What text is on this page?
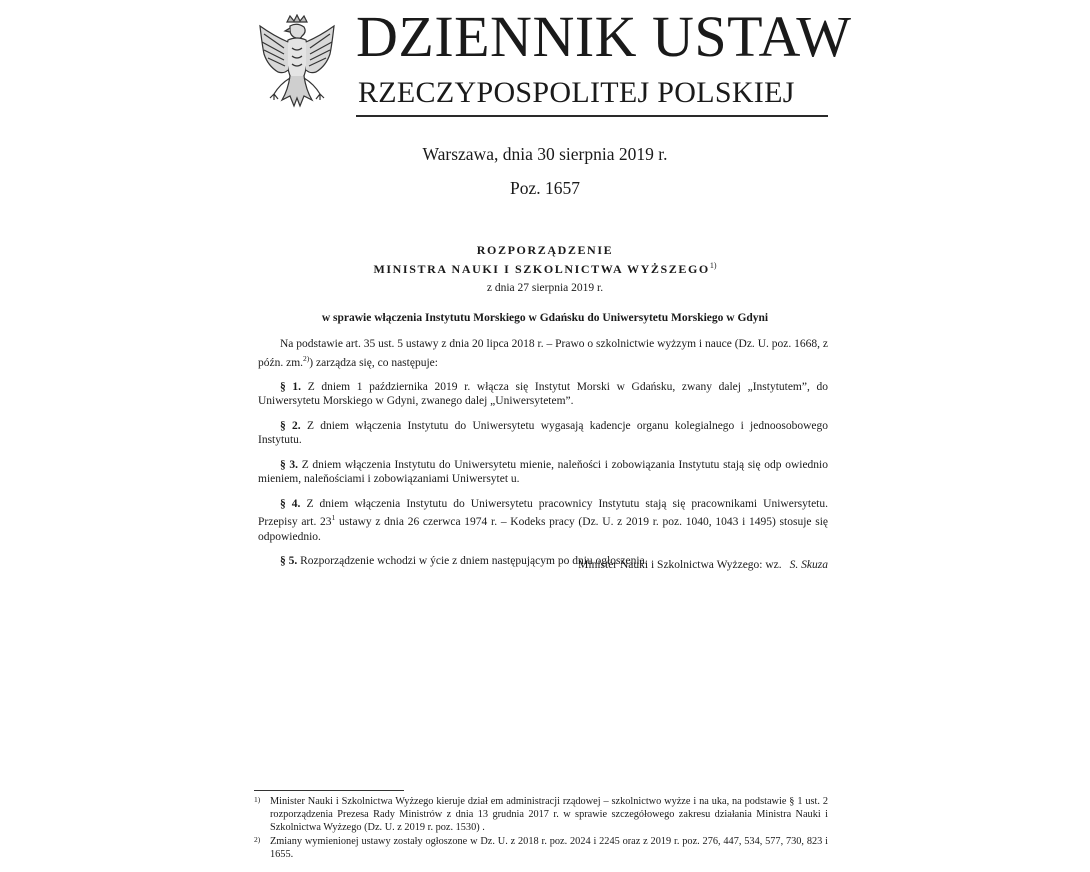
DZIENNIK USTAW
RZECZYPOSPOLITEJ POLSKIEJ
Warszawa, dnia 30 sierpnia 2019 r.
Poz. 1657
ROZPORZĄDZENIE
MINISTRA NAUKI I SZKOLNICTWA WYŻSZEGO$^{1)}$
z dnia 27 sierpnia 2019 r.
w sprawie włączenia Instytutu Morskiego w Gdańsku do Uniwersytetu Morskiego w Gdyni

Na podstawie art. 35 ust. 5 ustawy z dnia 20 lipca 2018 r. – Prawo o szkolnictwie wyżzym i nauce (Dz. U. poz. 1668, z późn. zm.$^{2)}$) zarządza się, co następuje:

§ 1. Z dniem 1 października 2019 r. włącza się Instytut Morski w Gdańsku, zwany dalej „Instytutem”, do Uniwersytetu Morskiego w Gdyni, zwanego dalej „Uniwersytetem”.

§ 2. Z dniem włączenia Instytutu do Uniwersytetu wygasają kadencje organu kolegialnego i jednoosobowego Instytutu.

§ 3. Z dniem włączenia Instytutu do Uniwersytetu mienie, naleňości i zobowiązania Instytutu stają się odp owiednio mieniem, naleňościami i zobowiązaniami Uniwersytet u.

§ 4. Z dniem włączenia Instytutu do Uniwersytetu pracownicy Instytutu stają się pracownikami Uniwersytetu. Przepisy art. $23^1$ ustawy z dnia 26 czerwca 1974 r. – Kodeks pracy (Dz. U. z 2019 r. poz. 1040, 1043 i 1495) stosuje się odpowiednio.

§ 5. Rozporządzenie wchodzi w ýcie z dniem następującym po dniu ogłoszenia.

Minister Nauki i Szkolnictwa Wyżzego: wz. S. Skuza
1) Minister Nauki i Szkolnictwa Wyżzego kieruje dział em administracji rządowej – szkolnictwo wyżze i na uka, na podstawie § 1 ust. 2 rozporządzenia Prezesa Rady Ministrów z dnia 13 grudnia 2017 r. w sprawie szczegółowego zakresu działania Ministra Nauki i Szkolnictwa Wyżzego (Dz. U. z 2019 r. poz. 1530) .
2) Zmiany wymienionej ustawy zostały ogłoszone w Dz. U. z 2018 r. poz. 2024 i 2245 oraz z 2019 r. poz. 276, 447, 534, 577, 730, 823 i 1655.
